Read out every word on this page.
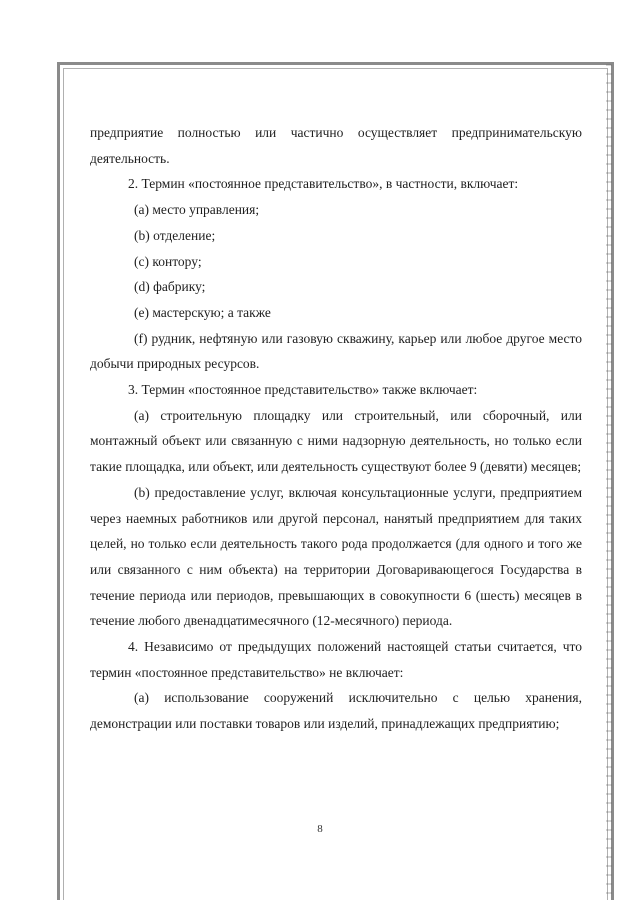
предприятие полностью или частично осуществляет предпринимательскую деятельность.

2. Термин «постоянное представительство», в частности, включает:

(a) место управления;

(b) отделение;

(c) контору;

(d) фабрику;

(e) мастерскую; а также

(f) рудник, нефтяную или газовую скважину, карьер или любое другое место добычи природных ресурсов.

3. Термин «постоянное представительство» также включает:

(a) строительную площадку или строительный, или сборочный, или монтажный объект или связанную с ними надзорную деятельность, но только если такие площадка, или объект, или деятельность существуют более 9 (девяти) месяцев;

(b) предоставление услуг, включая консультационные услуги, предприятием через наемных работников или другой персонал, нанятый предприятием для таких целей, но только если деятельность такого рода продолжается (для одного и того же или связанного с ним объекта) на территории Договаривающегося Государства в течение периода или периодов, превышающих в совокупности 6 (шесть) месяцев в течение любого двенадцатимесячного (12-месячного) периода.

4. Независимо от предыдущих положений настоящей статьи считается, что термин «постоянное представительство» не включает:

(a) использование сооружений исключительно с целью хранения, демонстрации или поставки товаров или изделий, принадлежащих предприятию;

8
